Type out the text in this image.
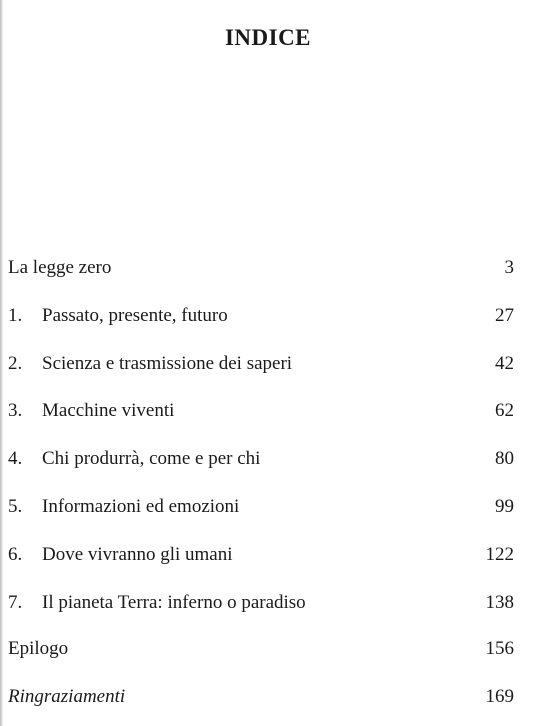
INDICE
La legge zero	3
1.	Passato, presente, futuro	27
2.	Scienza e trasmissione dei saperi	42
3.	Macchine viventi	62
4.	Chi produrrà, come e per chi	80
5.	Informazioni ed emozioni	99
6.	Dove vivranno gli umani	122
7.	Il pianeta Terra: inferno o paradiso	138
Epilogo	156
Ringraziamenti	169
